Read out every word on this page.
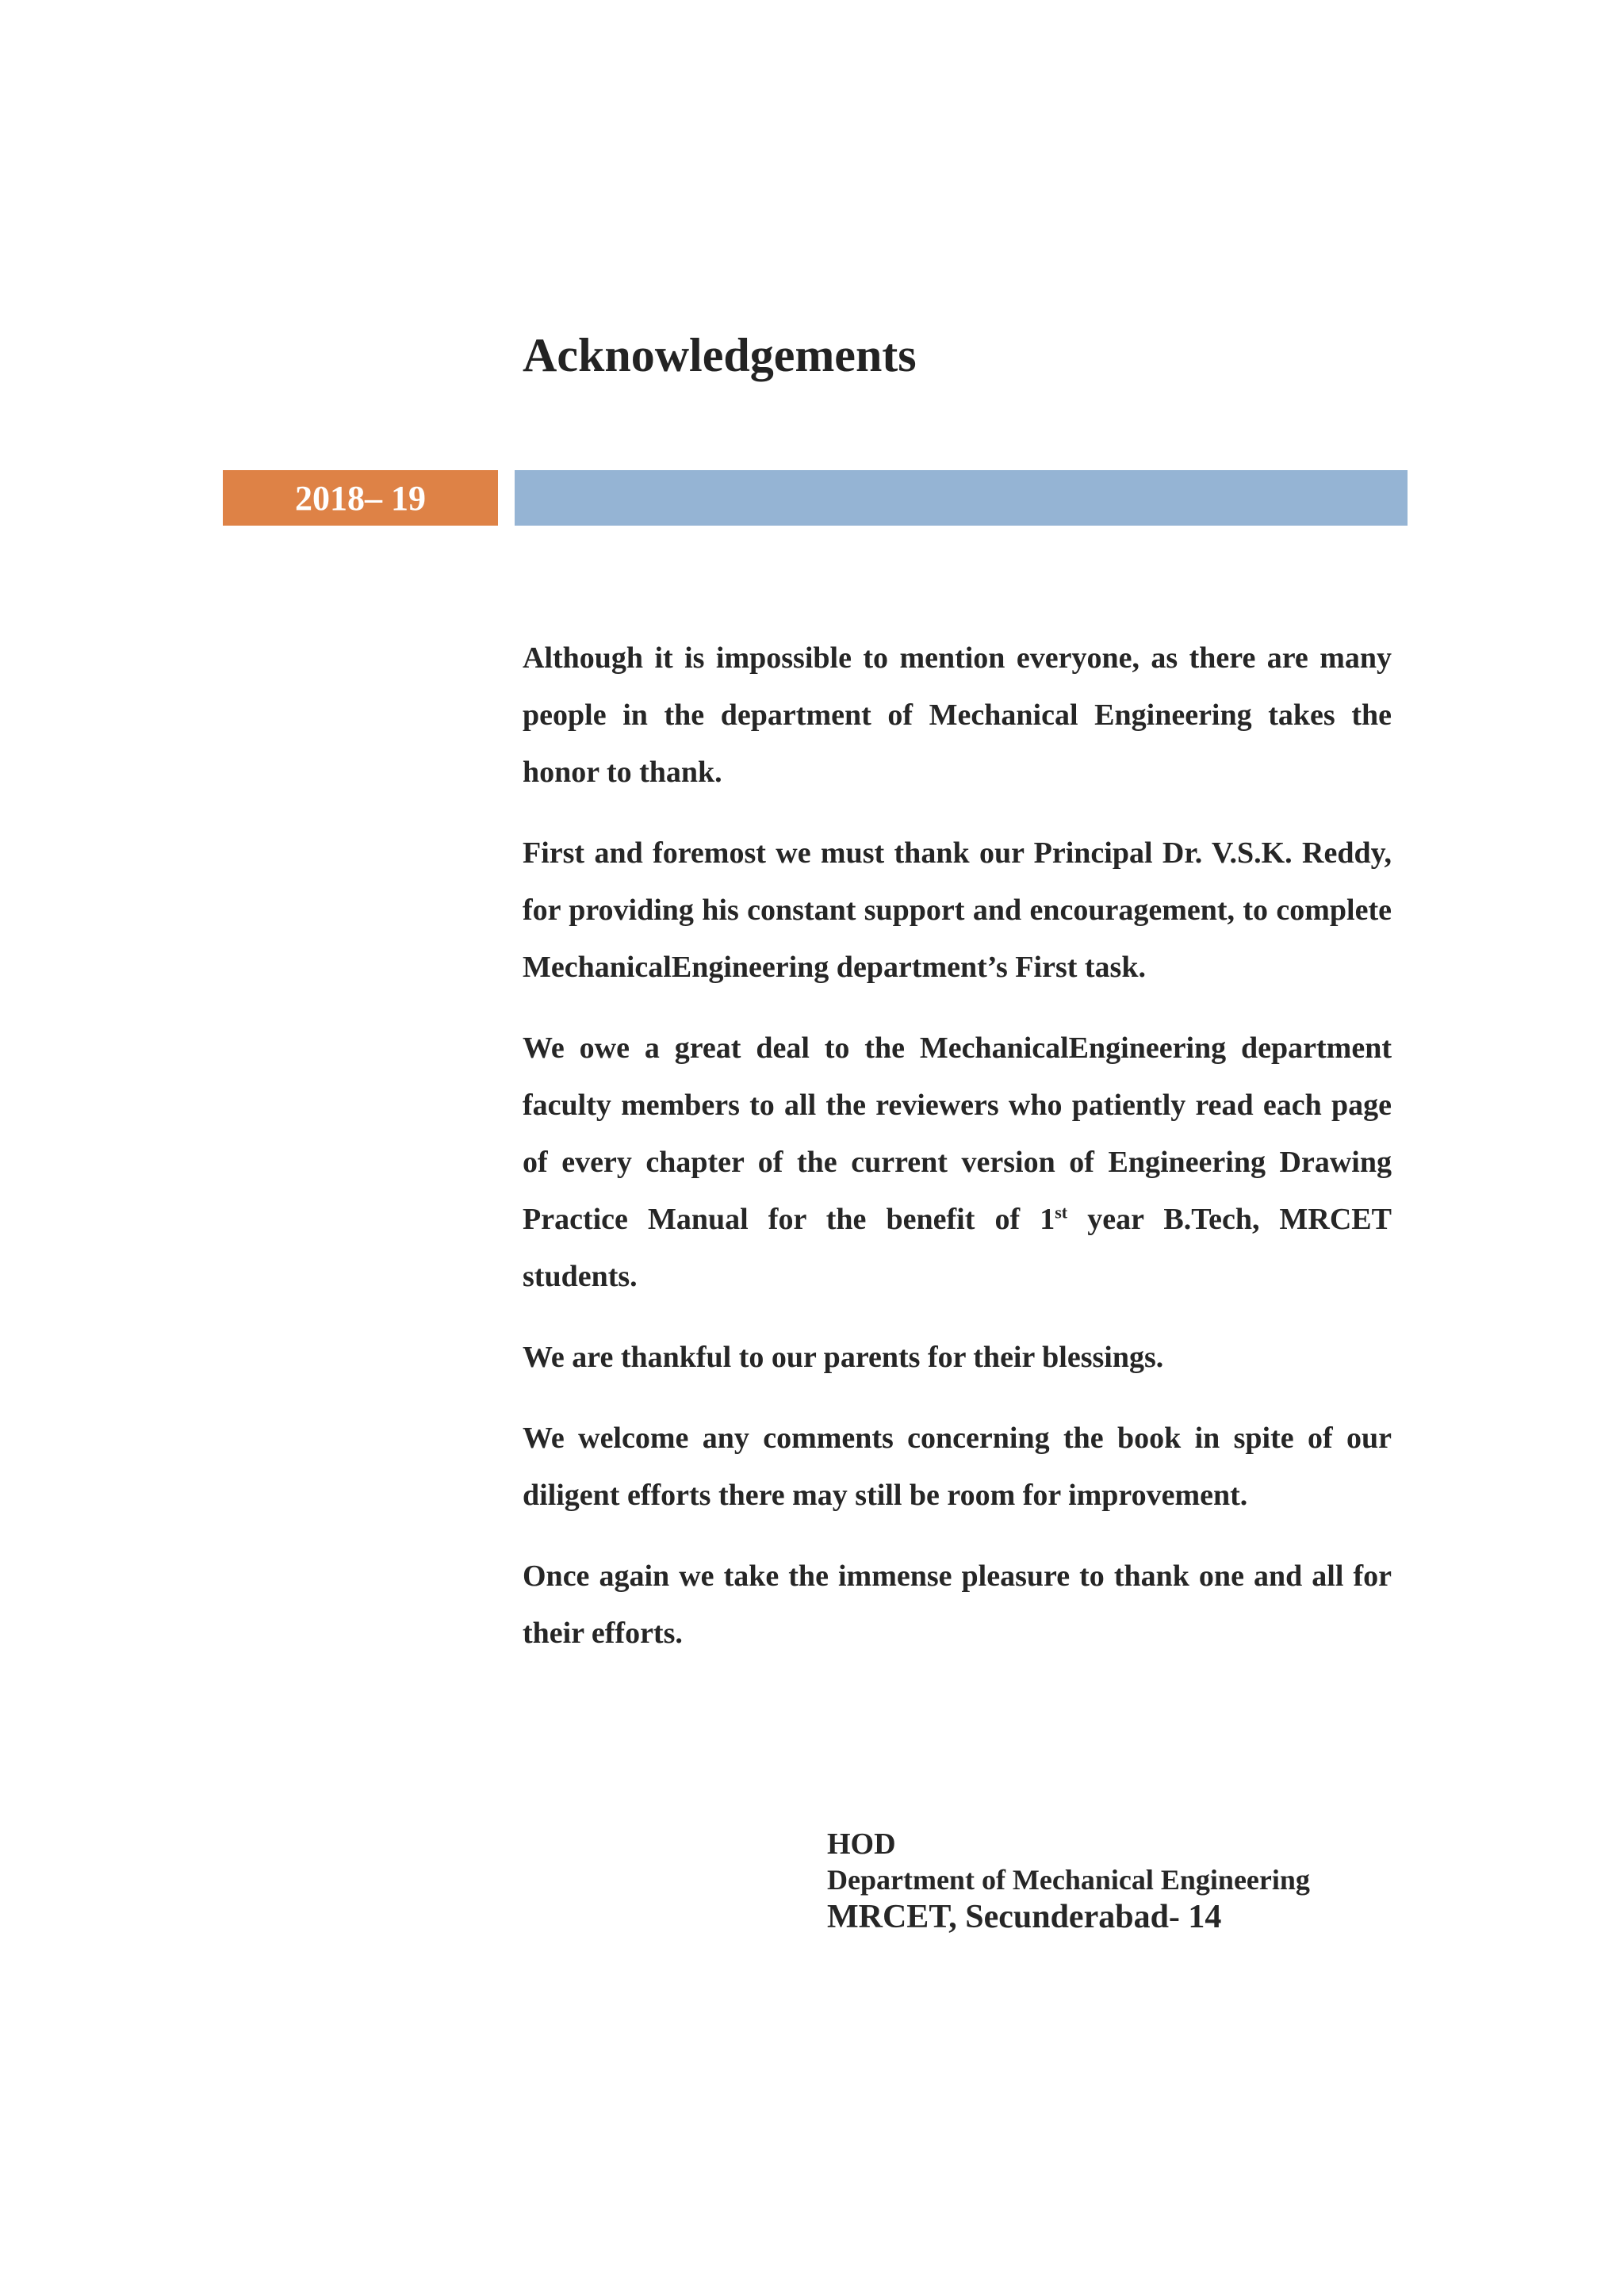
Acknowledgements
2018– 19

Although it is impossible to mention everyone, as there are many people in the department of Mechanical Engineering takes the honor to thank.

First and foremost we must thank our Principal Dr. V.S.K. Reddy, for providing his constant support and encouragement, to complete MechanicalEngineering department’s First task.

We owe a great deal to the MechanicalEngineering department faculty members to all the reviewers who patiently read each page of every chapter of the current version of Engineering Drawing Practice Manual for the benefit of 1st year B.Tech, MRCET students.

We are thankful to our parents for their blessings.

We welcome any comments concerning the book in spite of our diligent efforts there may still be room for improvement.

Once again we take the immense pleasure to thank one and all for their efforts.

HOD
Department of Mechanical Engineering
MRCET, Secunderabad- 14
